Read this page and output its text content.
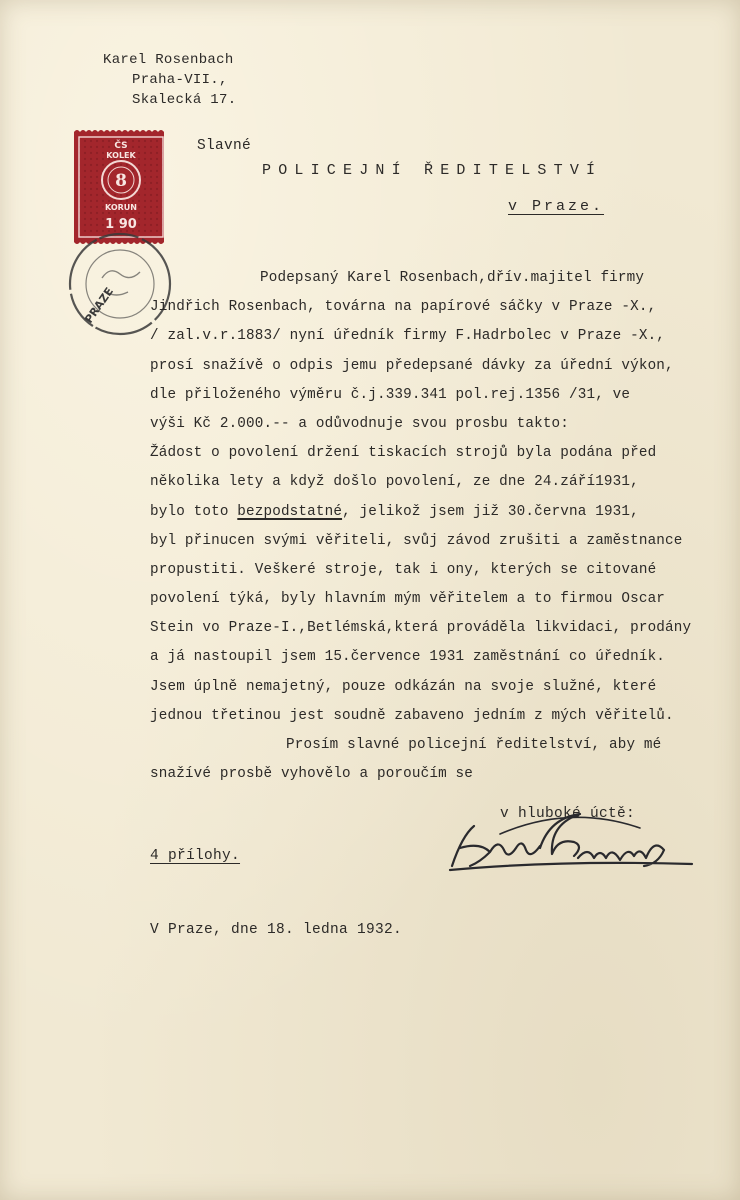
Karel Rosenbach
Praha-VII.,
Skalecká 17.
ČS
KOLEK
8
KORUN
1 90
PRAZE
Slavné
POLICEJNÍ ŘEDITELSTVÍ
v Praze.
Podepsaný Karel Rosenbach,dřív.majitel firmy
Jindřich Rosenbach, továrna na papírové sáčky v Praze -X.,
/ zal.v.r.1883/ nyní úředník firmy F.Hadrbolec v Praze -X.,
prosí snažívě o odpis jemu předepsané dávky za úřední výkon,
dle přiloženého výměru č.j.339.341 pol.rej.1356 /31, ve
výši Kč 2.000.-- a odůvodnuje svou prosbu takto:
Žádost o povolení držení tiskacích strojů byla podána před
několika lety a když došlo povolení, ze dne 24.září1931,
bylo toto bezpodstatné, jelikož jsem již 30.června 1931,
byl přinucen svými věřiteli, svůj závod zrušiti a zaměstnance
propustiti. Veškeré stroje, tak i ony, kterých se citované
povolení týká, byly hlavním mým věřitelem a to firmou Oscar
Stein vo Praze-I.,Betlémská,která prováděla likvidaci, prodány
a já nastoupil jsem 15.července 1931 zaměstnání co úředník.
Jsem úplně nemajetný, pouze odkázán na svoje služné, které
jednou třetinou jest soudně zabaveno jedním z mých věřitelů.
Prosím slavné policejní ředitelství, aby mé
snažívé prosbě vyhovělo a poroučím se
v hluboké úctě:
4 přílohy.
V Praze, dne 18. ledna 1932.
